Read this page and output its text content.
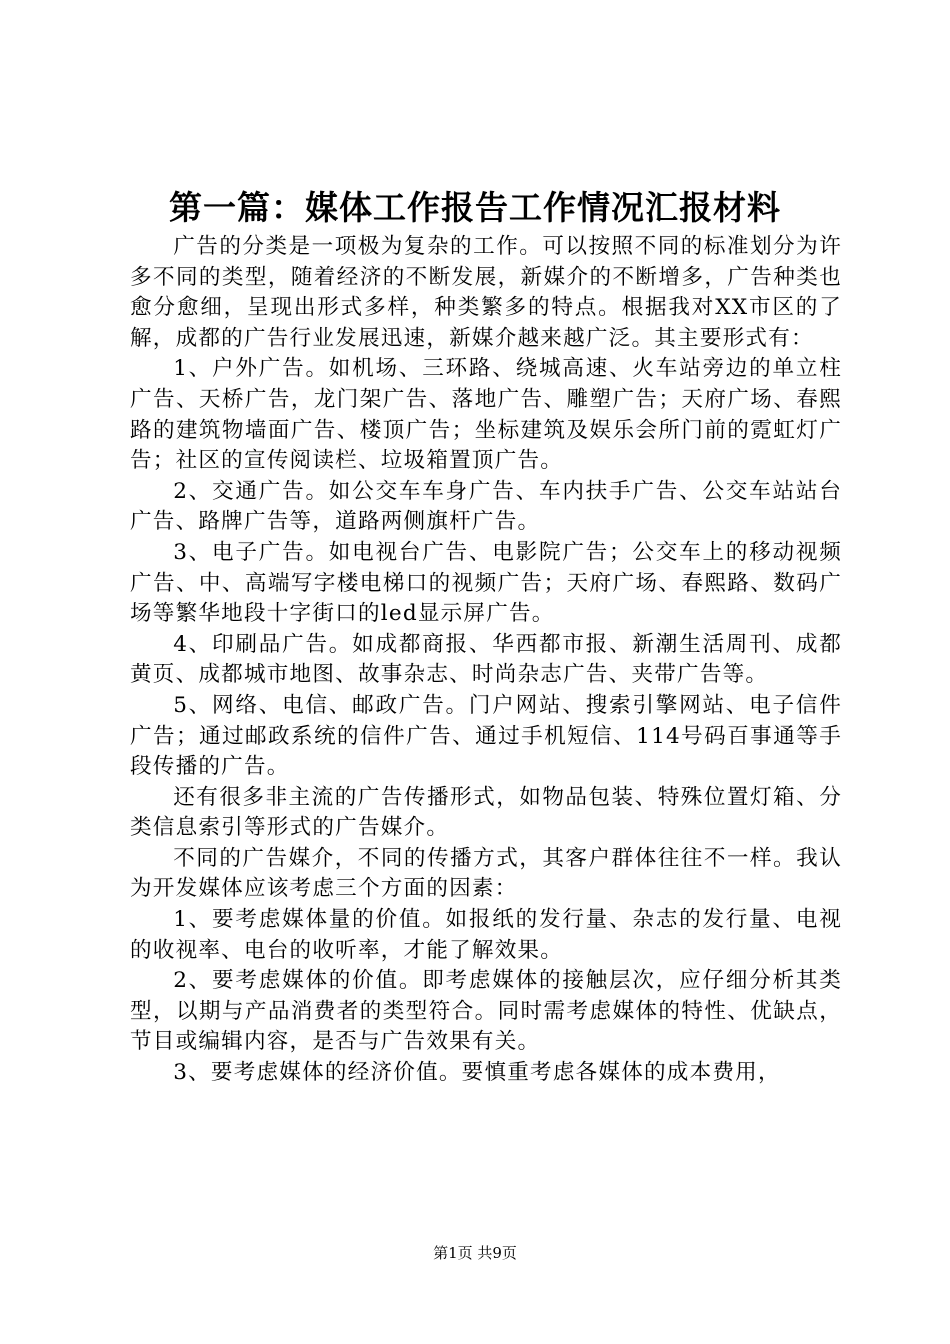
第一篇：媒体工作报告工作情况汇报材料

广告的分类是一项极为复杂的工作。可以按照不同的标准划分为许多不同的类型，随着经济的不断发展，新媒介的不断增多，广告种类也愈分愈细，呈现出形式多样，种类繁多的特点。根据我对XX市区的了解，成都的广告行业发展迅速，新媒介越来越广泛。其主要形式有：

1、户外广告。如机场、三环路、绕城高速、火车站旁边的单立柱广告、天桥广告，龙门架广告、落地广告、雕塑广告；天府广场、春熙路的建筑物墙面广告、楼顶广告；坐标建筑及娱乐会所门前的霓虹灯广告；社区的宣传阅读栏、垃圾箱置顶广告。

2、交通广告。如公交车车身广告、车内扶手广告、公交车站站台广告、路牌广告等，道路两侧旗杆广告。

3、电子广告。如电视台广告、电影院广告；公交车上的移动视频广告、中、高端写字楼电梯口的视频广告；天府广场、春熙路、数码广场等繁华地段十字街口的led显示屏广告。

4、印刷品广告。如成都商报、华西都市报、新潮生活周刊、成都黄页、成都城市地图、故事杂志、时尚杂志广告、夹带广告等。

5、网络、电信、邮政广告。门户网站、搜索引擎网站、电子信件广告；通过邮政系统的信件广告、通过手机短信、114号码百事通等手段传播的广告。

还有很多非主流的广告传播形式，如物品包装、特殊位置灯箱、分类信息索引等形式的广告媒介。

不同的广告媒介，不同的传播方式，其客户群体往往不一样。我认为开发媒体应该考虑三个方面的因素：

1、要考虑媒体量的价值。如报纸的发行量、杂志的发行量、电视的收视率、电台的收听率，才能了解效果。

2、要考虑媒体的价值。即考虑媒体的接触层次，应仔细分析其类型，以期与产品消费者的类型符合。同时需考虑媒体的特性、优缺点，节目或编辑内容，是否与广告效果有关。

3、要考虑媒体的经济价值。要慎重考虑各媒体的成本费用，

第1页 共9页
